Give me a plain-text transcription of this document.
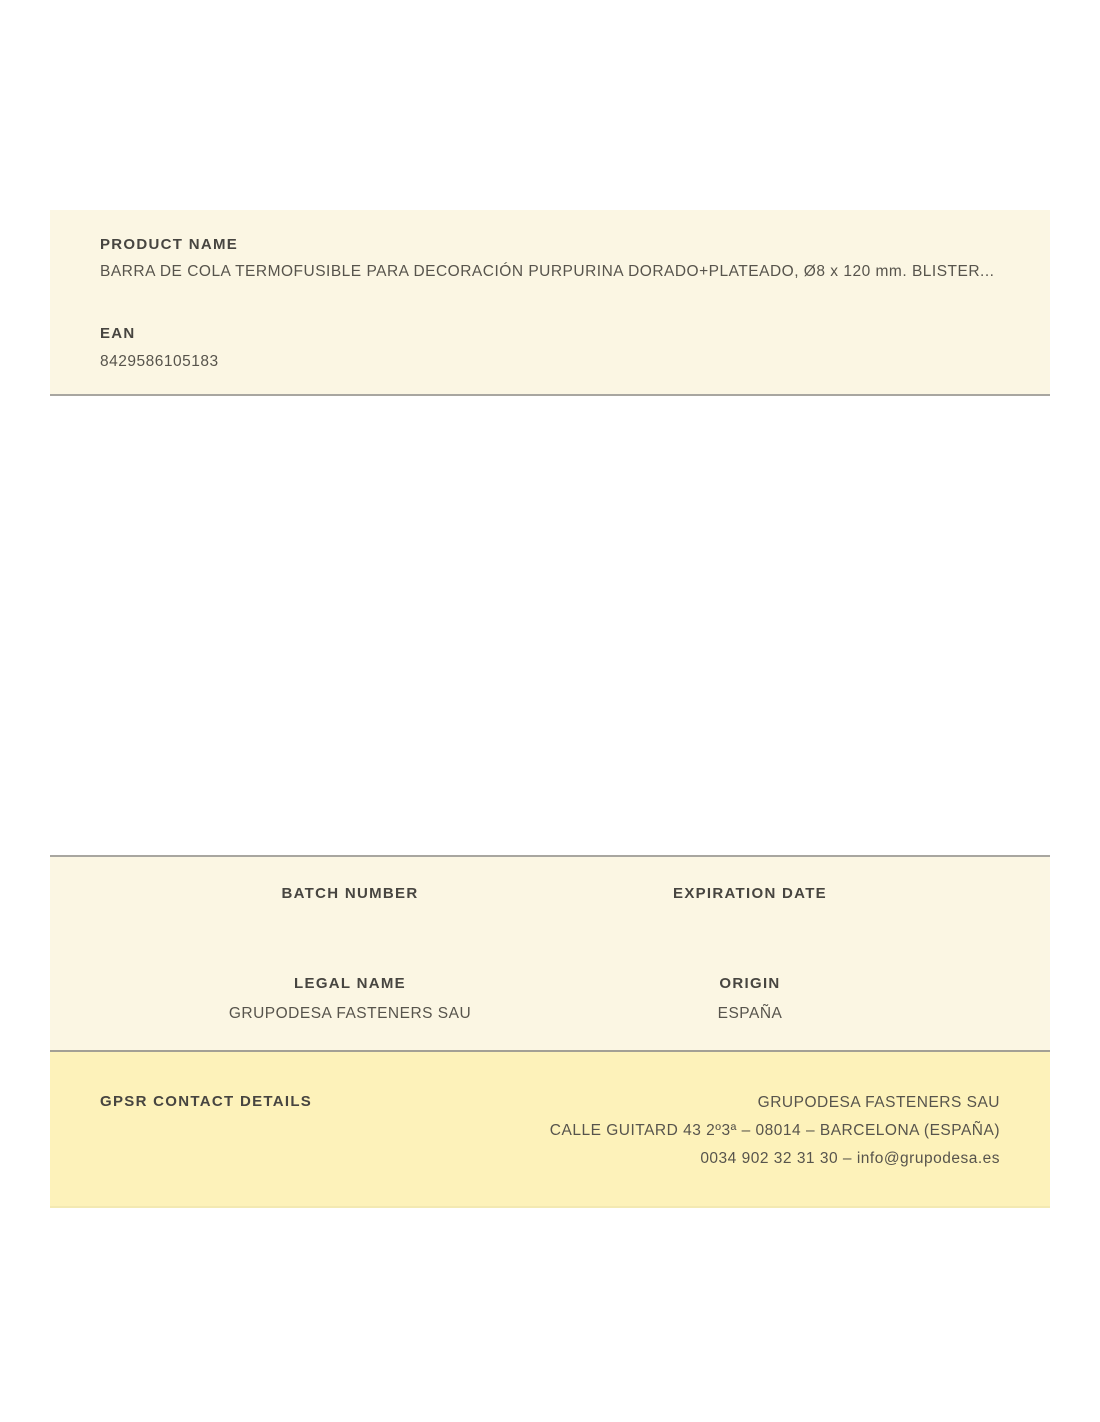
PRODUCT NAME
BARRA DE COLA TERMOFUSIBLE PARA DECORACIÓN PURPURINA DORADO+PLATEADO, Ø8 x 120 mm. BLISTER...
EAN
8429586105183
BATCH NUMBER	EXPIRATION DATE
LEGAL NAME
GRUPODESA FASTENERS SAU
ORIGIN
ESPAÑA
GPSR CONTACT DETAILS	GRUPODESA FASTENERS SAU
CALLE GUITARD 43 2º3ª – 08014 – BARCELONA (ESPAÑA)
0034 902 32 31 30 – info@grupodesa.es
